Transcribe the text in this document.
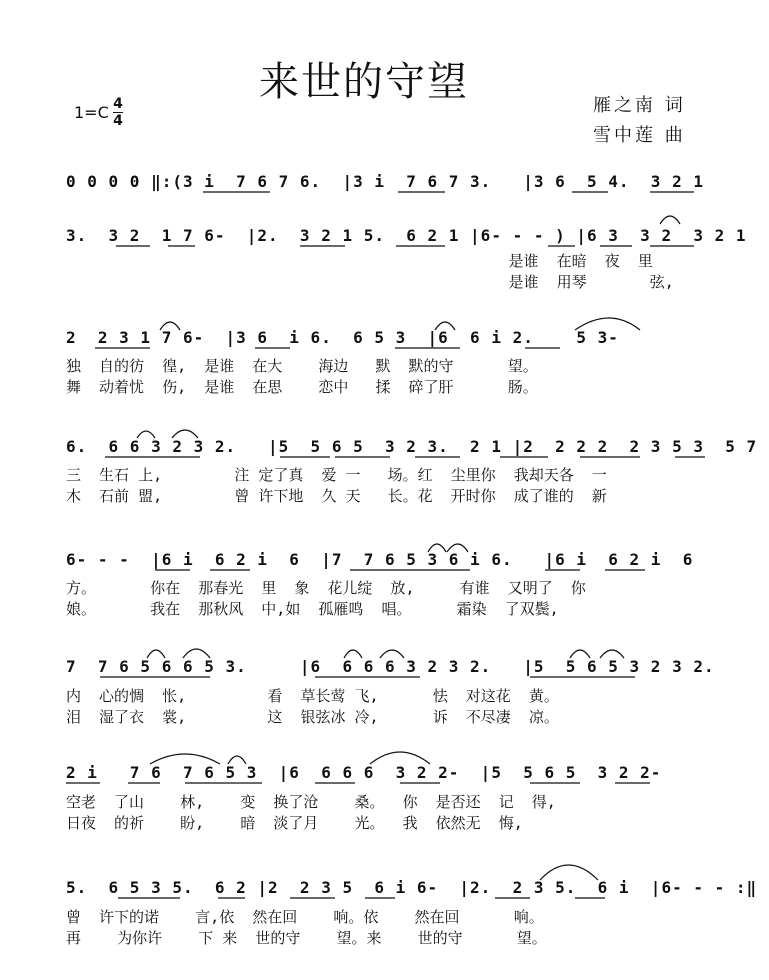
来世的守望
1=C 4
4
雁之南 词
雪中莲 曲
0 0 0 0 ‖:(3 i  7 6 7 6.  |3 i  7 6 7 3.   |3 6  5 4.  3 2 1
3.  3 2  1 7 6-  |2.  3 2 1 5.  6 2 1 |6- - - ) |6 3  3 2  3 2 1
是谁  在暗  夜  里
是谁  用琴       弦,
2  2 3 1 7 6-  |3 6  i 6.  6 5 3  |6  6 i 2.    5 3-
独  自的彷  徨,  是谁  在大    海边   默  默的守      望。
舞  动着忧  伤,  是谁  在思    恋中   揉  碎了肝      肠。
6.  6 6 3 2 3 2.   |5  5 6 5  3 2 3.  2 1 |2  2 2 2  2 3 5 3  5 7
三  生石 上,        注 定了真  爱 一   场。红  尘里你  我却天各  一
木  石前 盟,        曾 许下地  久 天   长。花  开时你  成了谁的  新
6- - -  |6 i  6 2 i  6  |7  7 6 5 3 6 i 6.   |6 i  6 2 i  6
方。      你在  那春光  里  象  花儿绽  放,     有谁  又明了  你
娘。      我在  那秋风  中,如  孤雁鸣  唱。     霜染  了双鬓,
7  7 6 5 6 6 5 3.     |6  6 6 6 3 2 3 2.   |5  5 6 5 3 2 3 2.
内  心的惆  怅,         看  草长莺 飞,      怯  对这花  黄。
泪  湿了衣  裳,         这  银弦冰 冷,      诉  不尽凄  凉。
2 i   7 6  7 6 5 3  |6  6 6 6  3 2 2-  |5  5 6 5  3 2 2-
空老  了山    林,    变  换了沧    桑。  你  是否还  记  得,
日夜  的祈    盼,    暗  淡了月    光。  我  依然无  悔,
5.  6 5 3 5.  6 2 |2  2 3 5  6 i 6-  |2.  2 3 5.  6 i  |6- - - :‖
曾  许下的诺    言,依  然在回    响。依    然在回      响。
再    为你许    下 来  世的守    望。来    世的守      望。
